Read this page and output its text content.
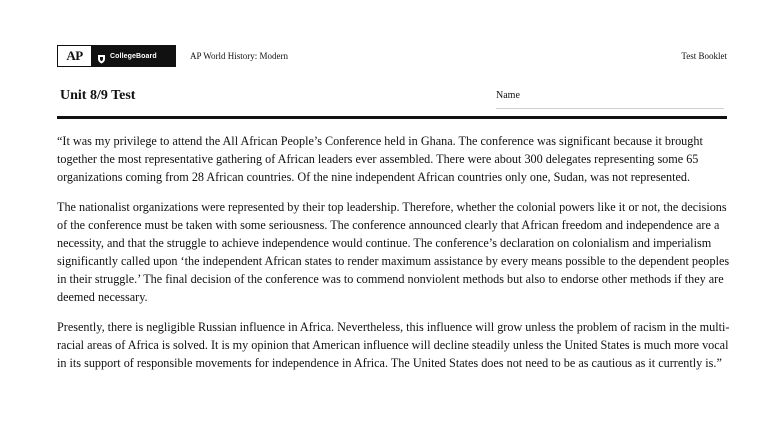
AP	CollegeBoard	AP World History: Modern	Test Booklet
Unit 8/9 Test	Name

“It was my privilege to attend the All African People’s Conference held in Ghana. The conference was significant because it brought together the most representative gathering of African leaders ever assembled. There were about 300 delegates representing some 65 organizations coming from 28 African countries. Of the nine independent African countries only one, Sudan, was not represented.

The nationalist organizations were represented by their top leadership. Therefore, whether the colonial powers like it or not, the decisions of the conference must be taken with some seriousness. The conference announced clearly that African freedom and independence are a necessity, and that the struggle to achieve independence would continue. The conference’s declaration on colonialism and imperialism significantly called upon ‘the independent African states to render maximum assistance by every means possible to the dependent peoples in their struggle.’ The final decision of the conference was to commend nonviolent methods but also to endorse other methods if they are deemed necessary.

Presently, there is negligible Russian influence in Africa. Nevertheless, this influence will grow unless the problem of racism in the multi-racial areas of Africa is solved. It is my opinion that American influence will decline steadily unless the United States is much more vocal in its support of responsible movements for independence in Africa. The United States does not need to be as cautious as it currently is.”
